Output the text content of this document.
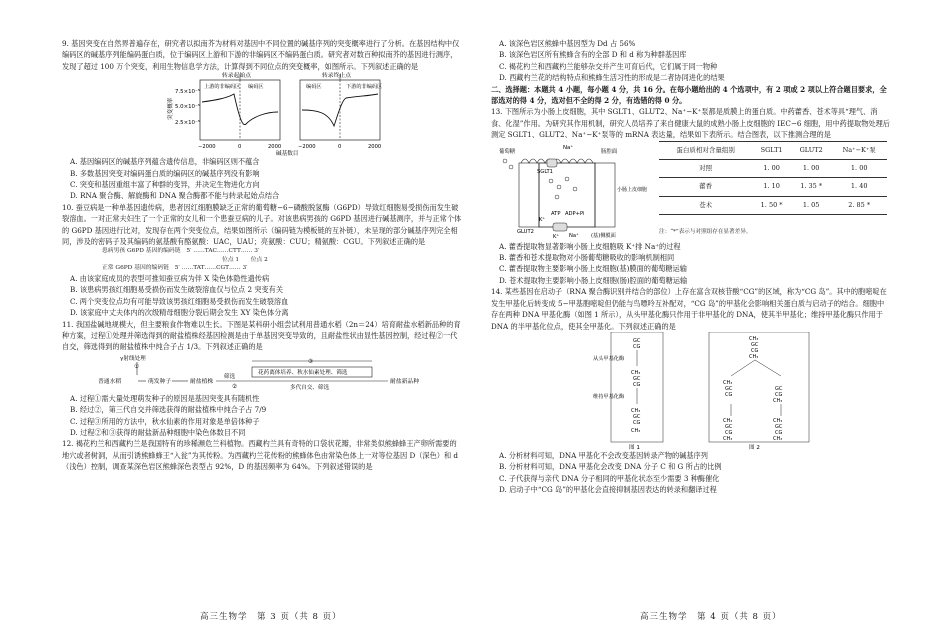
9. 基因突变在自然界普遍存在，研究者以拟南芥为材料对基因中不同位置的碱基序列的突变概率进行了分析。在基因结构中仅编码区的碱基序列能编码蛋白质，位于编码区上游和下游的非编码区不编码蛋白质。研究者对数百种拟南芥的基因进行测序，发现了超过 100 万个突变，利用生物信息学方法，计算得到不同位点的突变概率，如图所示。下列叙述正确的是

转录起始点	转录终止点
突变概率
7.5×10⁻⁵
5.0×10⁻⁵
2.5×10⁻⁵
上游的非编码区 编码区	编码区	下游的非编码区
−2000	0	2000	−2000	0	2000
碱基数目

A. 基因编码区的碱基序列蕴含遗传信息，非编码区则不蕴含

B. 多数基因突变对编码蛋白质的编码区的碱基序列没有影响

C. 突变和基因重组丰富了种群的变异，并决定生物进化方向

D. RNA 聚合酶、解旋酶和 DNA 聚合酶都不能与转录起始点结合

10. 蚕豆病是一种单基因遗传病，患者因红细胞膜缺乏正常的葡萄糖−6−磷酸脱氢酶（G6PD）导致红细胞易受损伤而发生破裂溶血。一对正常夫妇生了一个正常的女儿和一个患蚕豆病的儿子。对该患病男孩的 G6PD 基因进行碱基测序，并与正常个体的 G6PD 基因进行比对，发现存在两个突变位点，结果如图所示（编码链为模板链的互补链），未呈现的部分碱基序列完全相同，涉及的密码子及其编码的氨基酸有酪氨酸：UAC，UAU；亮氨酸：CUU；精氨酸：CGU。下列叙述正确的是

患病男孩 G6PD 基因的编码链　 5′ ……TAC……CTT…… 3′

位点 1　　位点 2

正常 G6PD 基因的编码链　 5′ ……TAT……CGT…… 3′

A. 由该家庭成员的表型可推知蚕豆病为伴 X 染色体隐性遗传病

B. 该患病男孩红细胞易受损伤而发生破裂溶血仅与位点 2 突变有关

C. 两个突变位点均有可能导致该男孩红细胞易受损伤而发生破裂溶血

D. 该家庭中丈夫体内的次级精母细胞分裂后期会发生 XY 染色体分离

11. 我国盐碱地规模大，但主要粮食作物难以生长。下图是某科研小组尝试利用普通水稻（2n＝24）培育耐盐水稻新品种的育种方案，过程①处理并筛选得到的耐盐植株经基因检测是由于单基因突变导致的，且耐盐性状由显性基因控制，经过程②一代自交，筛选得到的耐盐植株中纯合子占 1/3。下列叙述正确的是

γ射线处理
①
普通水稻	萌发种子	耐盐植株
筛选
②
花药离体培养、秋水仙素处理、筛选
③
多代自交、筛选
耐盐新品种

A. 过程①需大量处理萌发种子的原因是基因突变具有随机性

B. 经过②，第三代自交并筛选获得的耐盐植株中纯合子占 7/9

C. 过程③所用的方法中，秋水仙素的作用对象是单倍体种子

D. 过程②和③获得的耐盐新品种细胞中染色体数目不同

12. 褐花杓兰和西藏杓兰是我国特有的珍稀濒危兰科植物。西藏杓兰具有奇特的口袋状花瓣，非常类似熊蜂蜂王产卵所需要的地穴或者树洞，从而引诱熊蜂蜂王“入瓮”为其传粉。为西藏杓兰花传粉的熊蜂体色由常染色体上一对等位基因 D（深色）和 d（浅色）控制，调查某深色岩区熊蜂深色表型占 92%，D 的基因频率为 64%。下列叙述错误的是

A. 该深色岩区熊蜂中基因型为 Dd 占 56%

B. 该深色岩区所有熊蜂含有的全部 D 和 d 称为种群基因库

C. 褐花杓兰和西藏杓兰能够杂交并产生可育后代，它们属于同一物种

D. 西藏杓兰花的结构特点和熊蜂生活习性的形成是二者协同进化的结果

二、选择题：本题共 4 小题，每小题 4 分，共 16 分。在每小题给出的 4 个选项中，有 2 项或 2 项以上符合题目要求，全部选对的得 4 分，选对但不全的得 2 分，有选错的得 0 分。

13. 下图所示为小肠上皮细胞，其中 SGLT1、GLUT2、Na⁺−K⁺泵都是质膜上的蛋白质。中药藿香、苍术等具“理气、消食、化湿”作用。为研究其作用机制，研究人员培养了来自健康大鼠的成熟小肠上皮细胞的 IEC−6 细胞，用中药提取物处理后测定 SGLT1、GLUT2、Na⁺−K⁺泵等的 mRNA 表达量，结果如下表所示。结合图表，以下推测合理的是

葡萄糖
Na⁺
肠腔面
SGLT1
小肠上皮细胞
ATP ADP+Pi
GLUT2
K⁺
Na⁺
K⁺	(基)侧膜面
蛋白质相对含量组别	SGLT1	GLUT2	Na⁺−K⁺泵
对照	1. 00	1. 00	1. 00
藿香	1. 10	1. 35 *	1. 40
苍术	1. 50 *	1. 05	2. 85 *
注：“*”表示与对照组存在显著差异。

A. 藿香提取物显著影响小肠上皮细胞吸 K⁺排 Na⁺的过程

B. 藿香和苍术提取物对小肠葡萄糖吸收的影响机制相同

C. 藿香提取物主要影响小肠上皮细胞(基)膜面的葡萄糖运输

D. 苍术提取物主要影响小肠上皮细胞(肠)腔面的葡萄糖运输

14. 某些基因在启动子（RNA 聚合酶识别并结合的部位）上存在富含双核苷酸“CG”的区域，称为“CG 岛”。其中的胞嘧啶在发生甲基化后转变成 5−甲基胞嘧啶但仍能与鸟嘌呤互补配对，“CG 岛”的甲基化会影响相关蛋白质与启动子的结合。细胞中存在两种 DNA 甲基化酶（如图 1 所示），从头甲基化酶只作用于非甲基化的 DNA，使其半甲基化；维持甲基化酶只作用于 DNA 的半甲基化位点，使其全甲基化。下列叙述正确的是

GC
CG
从头甲基化酶
CH₃
GC
CG
维持甲基化酶
CH₃
GC
CG
CH₃
图 1
CH₃
GC
CG
CH₃
CH₃
GC
CG
GC
CG
CH₃
CH₃
GC
CG
CH₃
CH₃
GC
CG
CH₃
图 2

A. 分析材料可知，DNA 甲基化不会改变基因转录产物的碱基序列

B. 分析材料可知，DNA 甲基化会改变 DNA 分子 C 和 G 所占的比例

C. 子代获得与亲代 DNA 分子相同的甲基化状态至少需要 3 种酶催化

D. 启动子中“CG 岛”的甲基化会直接抑制基因表达的转录和翻译过程

高三生物学　第 3 页（共 8 页）	高三生物学　第 4 页（共 8 页）
